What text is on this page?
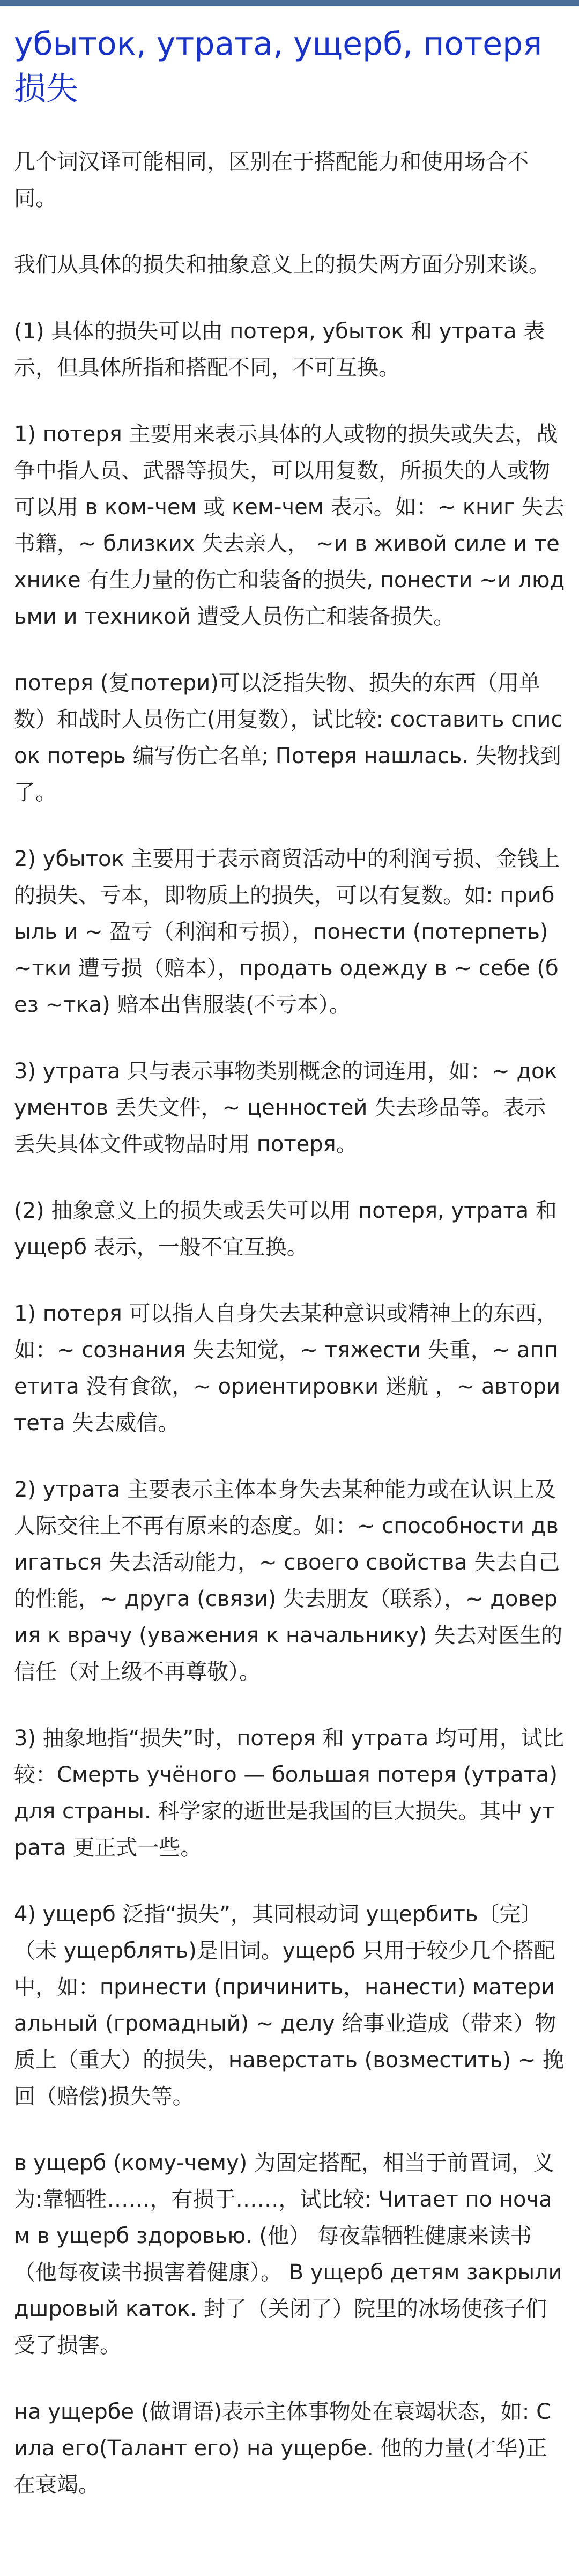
убыток, утрата, ущерб, потеря 损失

几个词汉译可能相同，区别在于搭配能力和使用场合不同。

我们从具体的损失和抽象意义上的损失两方面分别来谈。

(1) 具体的损失可以由 потеря, убыток 和 утрата 表示，但具体所指和搭配不同，不可互换。

1) потеря 主要用来表示具体的人或物的损失或失去，战争中指人员、武器等损失，可以用复数，所损失的人或物可以用 в ком-чем 或 кем-чем 表示。如：~ книг 失去书籍，~ близких 失去亲人， ~и в живой силе и технике 有生力量的伤亡和装备的损失, понести ~и людьми и техникой 遭受人员伤亡和装备损失。

потеря (复потери)可以泛指失物、损失的东西（用单数）和战时人员伤亡(用复数），试比较: составить список потерь 编写伤亡名单; Потеря нашлась. 失物找到了。

2) убыток 主要用于表示商贸活动中的利润亏损、金钱上的损失、亏本，即物质上的损失，可以有复数。如: прибыль и ~ 盈亏（利润和亏损），понести (потерпеть) ~тки 遭亏损（赔本），продать одежду в ~ себе (без ~тка) 赔本出售服装(不亏本）。

3) утрата 只与表示事物类别概念的词连用，如：~ документов 丢失文件，~ ценностей 失去珍品等。表示丢失具体文件或物品时用 потеря。

(2) 抽象意义上的损失或丢失可以用 потеря, утрата 和 ущерб 表示，一般不宜互换。

1) потеря 可以指人自身失去某种意识或精神上的东西，如：~ сознания 失去知觉，~ тяжести 失重，~ аппетита 没有食欲，~ ориентировки 迷航 ，~ авторитета 失去威信。

2) утрата 主要表示主体本身失去某种能力或在认识上及人际交往上不再有原来的态度。如：~ способности двигаться 失去活动能力，~ своего свойства 失去自己的性能，~ друга (связи) 失去朋友（联系），~ доверия к врачу (уважения к начальнику) 失去对医生的信任（对上级不再尊敬）。

3) 抽象地指“损失”时，потеря 和 утрата 均可用，试比较：Смерть учёного — большая потеря (утрата) для страны. 科学家的逝世是我国的巨大损失。其中 утрата 更正式一些。

4) ущерб 泛指“损失”，其同根动词 ущербить〔完〕（未 ущерблять)是旧词。ущерб 只用于较少几个搭配中，如：принести (причинить，нанести) материальный (громадный) ~ делу 给事业造成（带来）物质上（重大）的损失，наверстать (возместить) ~ 挽回（赔偿)损失等。

в ущерб (кому-чему) 为固定搭配，相当于前置词，义为:靠牺牲……，有损于……，试比较: Читает по ночам в ущерб здоровью. (他） 每夜靠牺牲健康来读书 （他每夜读书损害着健康）。 В ущерб детям закрыли дшровый каток. 封了（关闭了）院里的冰场使孩子们受了损害。

на ущербе (做谓语)表示主体事物处在衰竭状态，如: Сила его(Талант его) на ущербе. 他的力量(才华)正在衰竭。
